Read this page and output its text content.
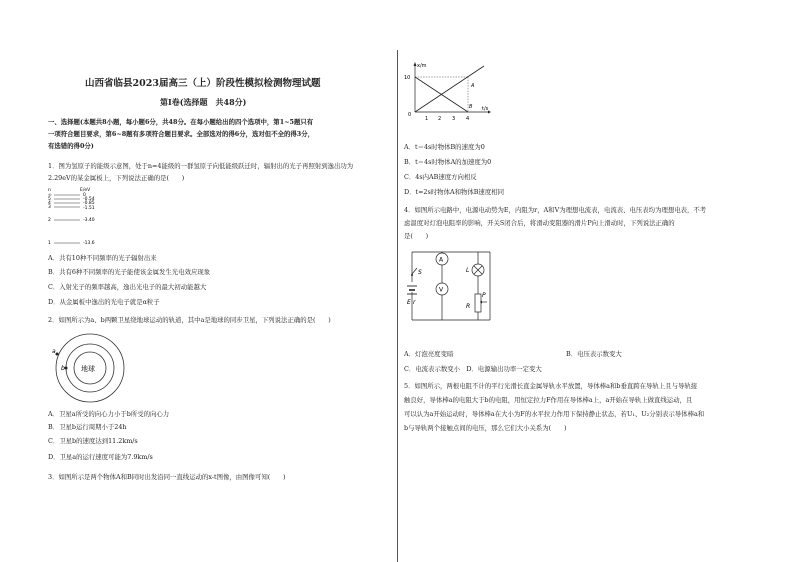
山西省临县2023届高三（上）阶段性模拟检测物理试题
第Ⅰ卷(选择题　共48分)
一、选择题(本题共8小题，每小题6分，共48分。在每小题给出的四个选项中，第1~5题只有
一项符合题目要求，第6~8题有多项符合题目要求。全部选对的得6分，选对但不全的得3分，
有选错的得0分)
1．图为氢原子的能级示意图，处于n=4能级的一群氢原子向低能级跃迁时，辐射出的光子再照射到逸出功为
2.29eV的某金属板上，下列说法正确的是(　　)
n	E/eV
∞	0
5	-0.54
4	-0.85
3	-1.51
2	-3.40
1	-13.6
A．共有10种不同频率的光子辐射出来
B．共有6种不同频率的光子能使该金属发生光电效应现象
C．入射光子的频率越高，逸出光电子的最大初动能越大
D．从金属板中逸出的光电子就是α粒子
2．如图所示为a、b两颗卫星绕地球运动的轨道，其中a是地球的同步卫星，下列说法正确的是(　　)
地球
a
b
A．卫星a所受的向心力小于b所受的向心力
B．卫星b运行周期小于24h
C．卫星b的速度达到11.2km/s
D．卫星a的运行速度可能为7.9km/s
3．如图所示是两个物体A和B同时出发沿同一直线运动的x-t图像，由图像可知(　　)
x/m
t/s
10
0
1 2 3 4
A
B
A．t＝4s时物体B的速度为0
B．t＝4s时物体A的加速度为0
C．4s内AB速度方向相反
D．t=2s时物体A和物体B速度相同
4．如图所示电路中，电源电动势为E，内阻为r，A和V为理想电流表，电流表、电压表均为理想电表，不考
虑温度对灯泡电阻率的影响，开关S闭合后，将滑动变阻器的滑片P向上滑动时，下列说法正确的
是(　　)
S
E r
A
V
L
P
R
A．灯泡亮度变暗	B．电压表示数变大
C．电流表示数变小　D．电源输出功率一定变大
5．如图所示，两根电阻不计的平行光滑长直金属导轨水平放置，导体棒a和b垂直跨在导轨上且与导轨接
触良好，导体棒a的电阻大于b的电阻，用恒定拉力F作用在导体棒a上，a开始在导轨上做直线运动，且
可以认为a开始运动时，导体棒a在大小为F的水平拉力作用下保持静止状态，若U₁、U₂分别表示导体棒a和
b与导轨两个接触点间的电压，那么它们大小关系为(　　)
